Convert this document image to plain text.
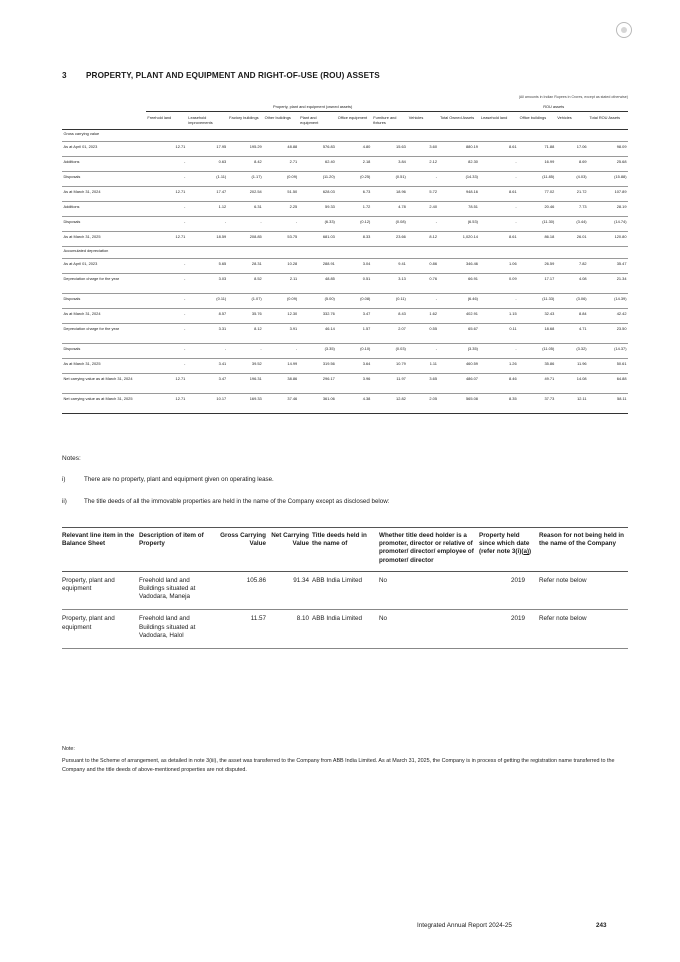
3 PROPERTY, PLANT AND EQUIPMENT AND RIGHT-OF-USE (ROU) ASSETS
(All amounts in Indian Rupees in Crores, except as stated otherwise)
	Property, plant and equipment (owned assets)									ROU assets			
	Freehold land	Leasehold improvements	Factory buildings	Other buildings	Plant and equipment	Office equipment	Furniture and fixtures	Vehicles	Total Owned Assets	Leasehold land	Office buildings	Vehicles	Total ROU Assets
Gross carrying value													
As at April 01, 2023	12.71	17.95	195.29	48.88	576.83	4.80	15.63	3.60	880.19	8.61	71.88	17.06	98.09
Additions	-	0.63	8.42	2.71	62.40	2.18	3.84	2.12	82.30	-	16.99	8.69	25.68
Disposals	-	(1.11)	(1.17)	(0.09)	(11.20)	(0.25)	(0.51)	-	(14.33)	-	(11.85)	(4.03)	(15.88)
As at March 31, 2024	12.71	17.47	202.54	51.50	628.03	6.73	18.96	5.72	948.16	8.61	77.02	21.72	107.89
Additions	-	1.12	6.31	2.25	59.33	1.72	4.78	2.40	78.51	-	20.46	7.73	28.19
Disposals	-	-	-	-	(6.33)	(0.12)	(0.08)	-	(6.53)	-	(11.30)	(3.44)	(14.74)
As at March 31, 2025	12.71	18.59	208.85	53.75	681.03	8.33	23.66	8.12	1,020.14	8.61	86.18	26.01	120.80
Accumulated depreciation													
As at April 01, 2023	-	5.65	28.31	10.28	288.91	3.04	9.41	0.86	346.46	1.06	26.59	7.82	35.47
Depreciation charge for the year	-	3.03	8.52	2.11	48.85	0.51	3.13	0.76	66.91	0.09	17.17	4.08	21.34
Disposals	-	(0.11)	(1.07)	(0.09)	(5.00)	(0.08)	(0.11)	-	(6.46)	-	(11.33)	(3.06)	(14.39)
As at March 31, 2024	-	8.57	35.76	12.30	332.76	3.47	8.43	1.62	402.91	1.15	32.43	8.84	42.42
Depreciation charge for the year	-	3.31	8.12	3.91	46.14	1.57	2.07	0.55	65.67	0.11	18.68	4.71	23.50
Disposals	-	-	-	-	(3.35)	(0.10)	(0.03)	-	(3.35)	-	(11.05)	(3.32)	(14.37)
As at March 31, 2025	-	3.41	39.52	14.99	319.56	3.64	10.79	1.11	460.59	1.26	35.86	11.96	50.61
Net carrying value as at March 31, 2024	12.71	3.47	196.31	38.86	296.17	3.96	11.97	3.65	486.07	8.46	49.71	14.08	64.88
Net carrying value as at March 31, 2025	12.71	10.17	169.33	37.46	361.06	4.38	12.82	2.05	565.08	8.35	37.73	12.11	58.11
Notes:
i)	There are no property, plant and equipment given on operating lease.
ii)	The title deeds of all the immovable properties are held in the name of the Company except as disclosed below:
Relevant line item in the Balance Sheet	Description of item of Property	Gross Carrying Value	Net Carrying Value	Title deeds held in the name of	Whether title deed holder is a promoter, director or relative of promoter/ director/ employee of promoter/ director	Property held since which date (refer note 3(i)(a))	Reason for not being held in the name of the Company
Property, plant and equipment	Freehold land and Buildings situated at Vadodara, Maneja	105.86	91.34	ABB India Limited	No	2019	Refer note below
Property, plant and equipment	Freehold land and Buildings situated at Vadodara, Halol	11.57	8.10	ABB India Limited	No	2019	Refer note below
Note:
Pursuant to the Scheme of arrangement, as detailed in note 3(iii), the asset was transferred to the Company from ABB India Limited. As at March 31, 2025, the Company is in process of getting the registration name transferred to the Company and the title deeds of above-mentioned properties are not disputed.
Integrated Annual Report 2024-25	243
